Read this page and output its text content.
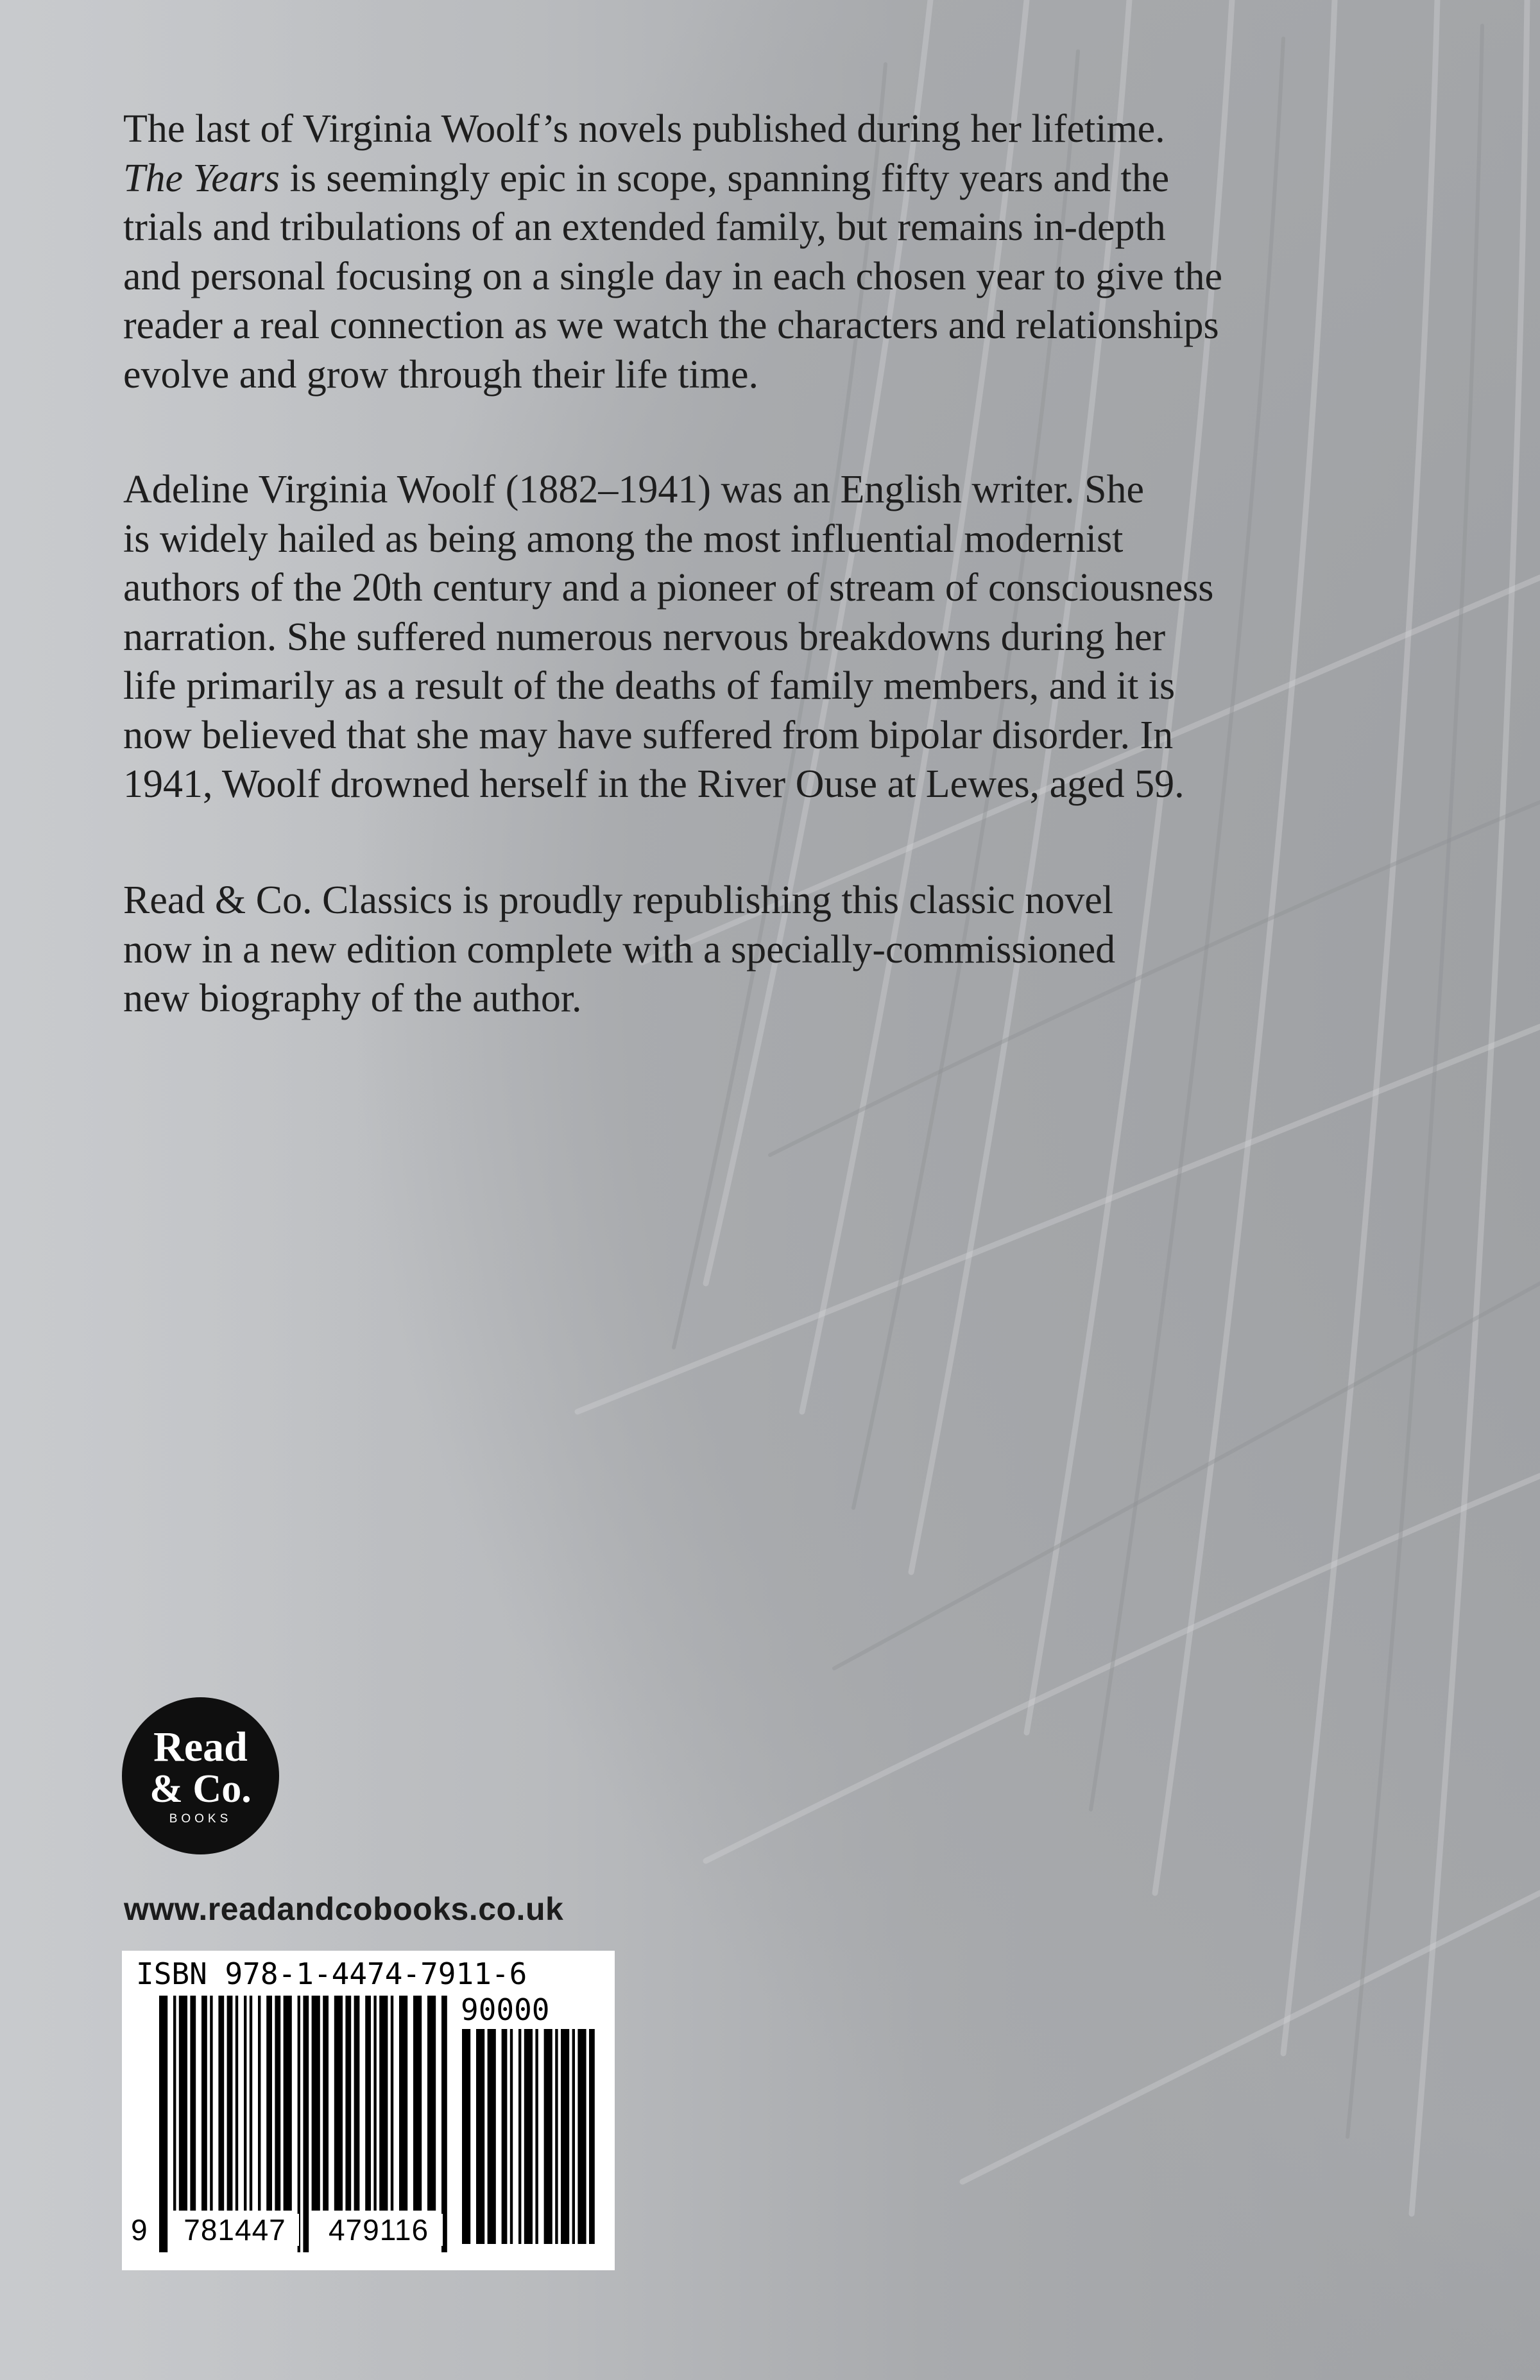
The last of Virginia Woolf’s novels published during her lifetime.
The Years is seemingly epic in scope, spanning fifty years and the
trials and tribulations of an extended family, but remains in-depth
and personal focusing on a single day in each chosen year to give the
reader a real connection as we watch the characters and relationships
evolve and grow through their life time.

Adeline Virginia Woolf (1882–1941) was an English writer. She
is widely hailed as being among the most influential modernist
authors of the 20th century and a pioneer of stream of consciousness
narration. She suffered numerous nervous breakdowns during her
life primarily as a result of the deaths of family members, and it is
now believed that she may have suffered from bipolar disorder. In
1941, Woolf drowned herself in the River Ouse at Lewes, aged 59.

Read & Co. Classics is proudly republishing this classic novel
now in a new edition complete with a specially-commissioned
new biography of the author.

Read
& Co.
BOOKS
www.readandcobooks.co.uk
ISBN 978-1-4474-7911-6
90000
9	781447	479116
